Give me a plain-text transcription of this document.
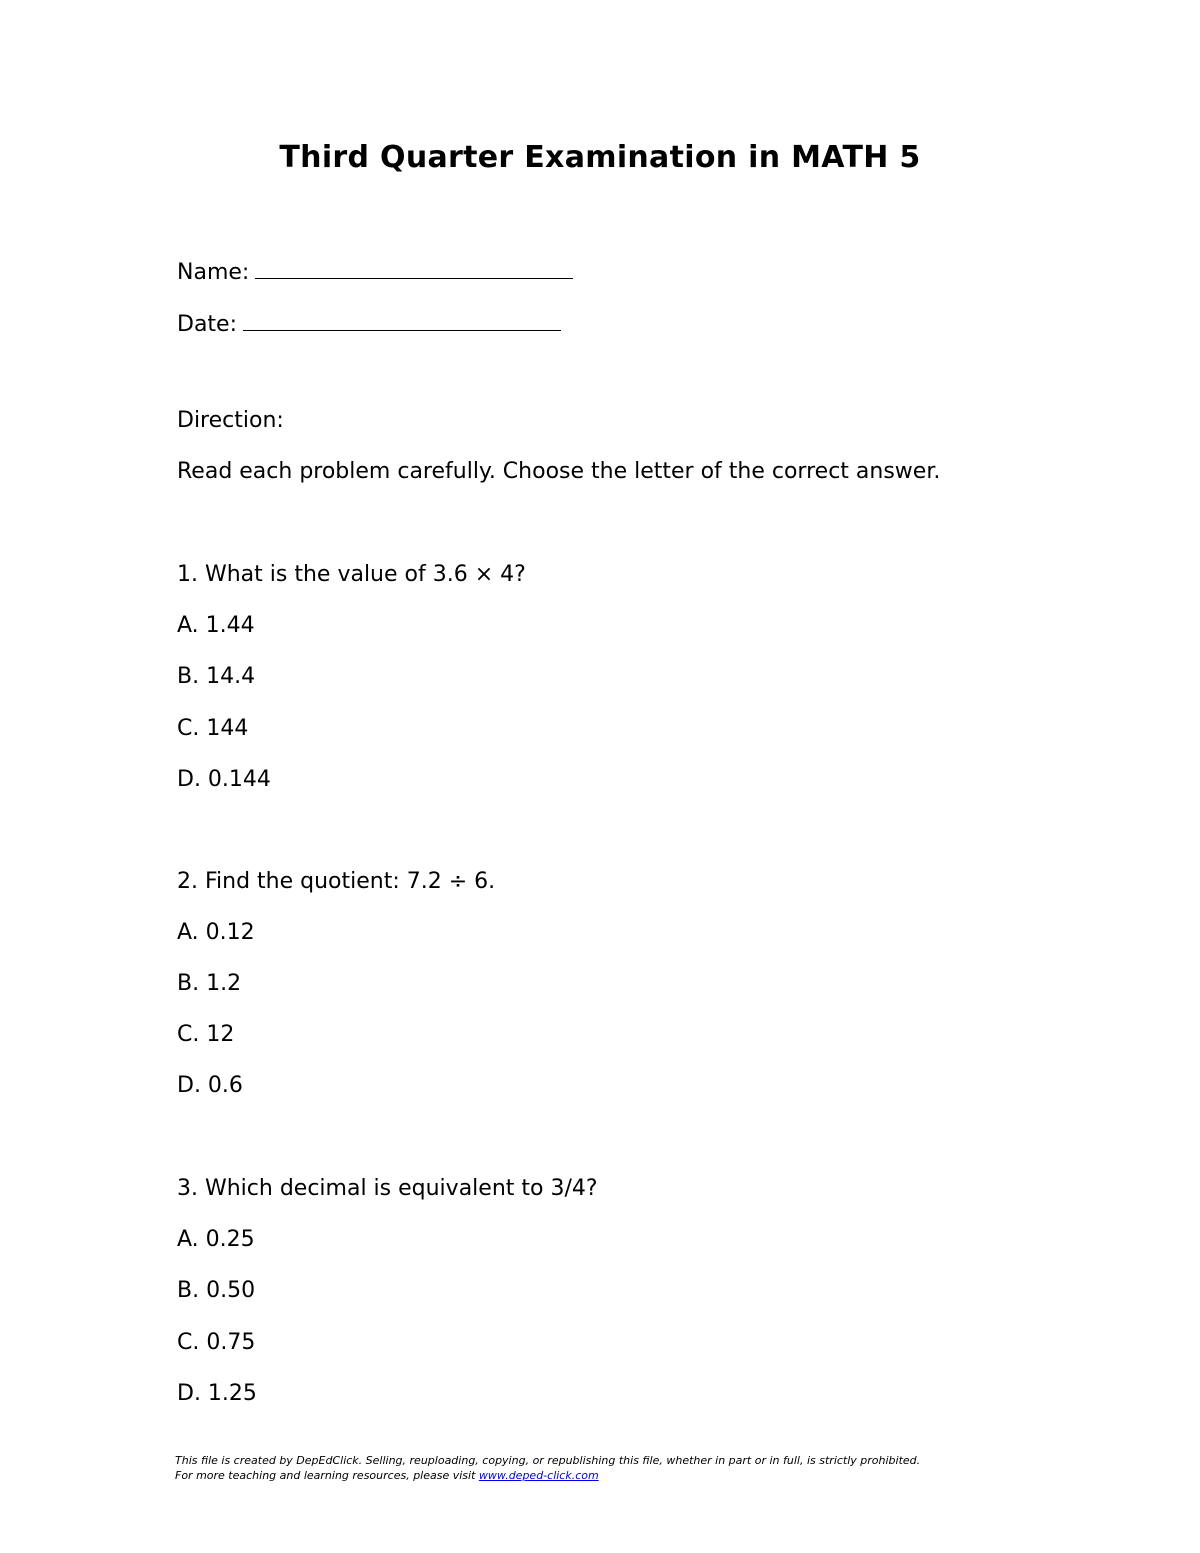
Third Quarter Examination in MATH 5
Name:
Date:
Direction:
Read each problem carefully. Choose the letter of the correct answer.
1. What is the value of 3.6 × 4?
A. 1.44
B. 14.4
C. 144
D. 0.144
2. Find the quotient: 7.2 ÷ 6.
A. 0.12
B. 1.2
C. 12
D. 0.6
3. Which decimal is equivalent to 3/4?
A. 0.25
B. 0.50
C. 0.75
D. 1.25
This file is created by DepEdClick. Selling, reuploading, copying, or republishing this file, whether in part or in full, is strictly prohibited.
For more teaching and learning resources, please visit www.deped-click.com
